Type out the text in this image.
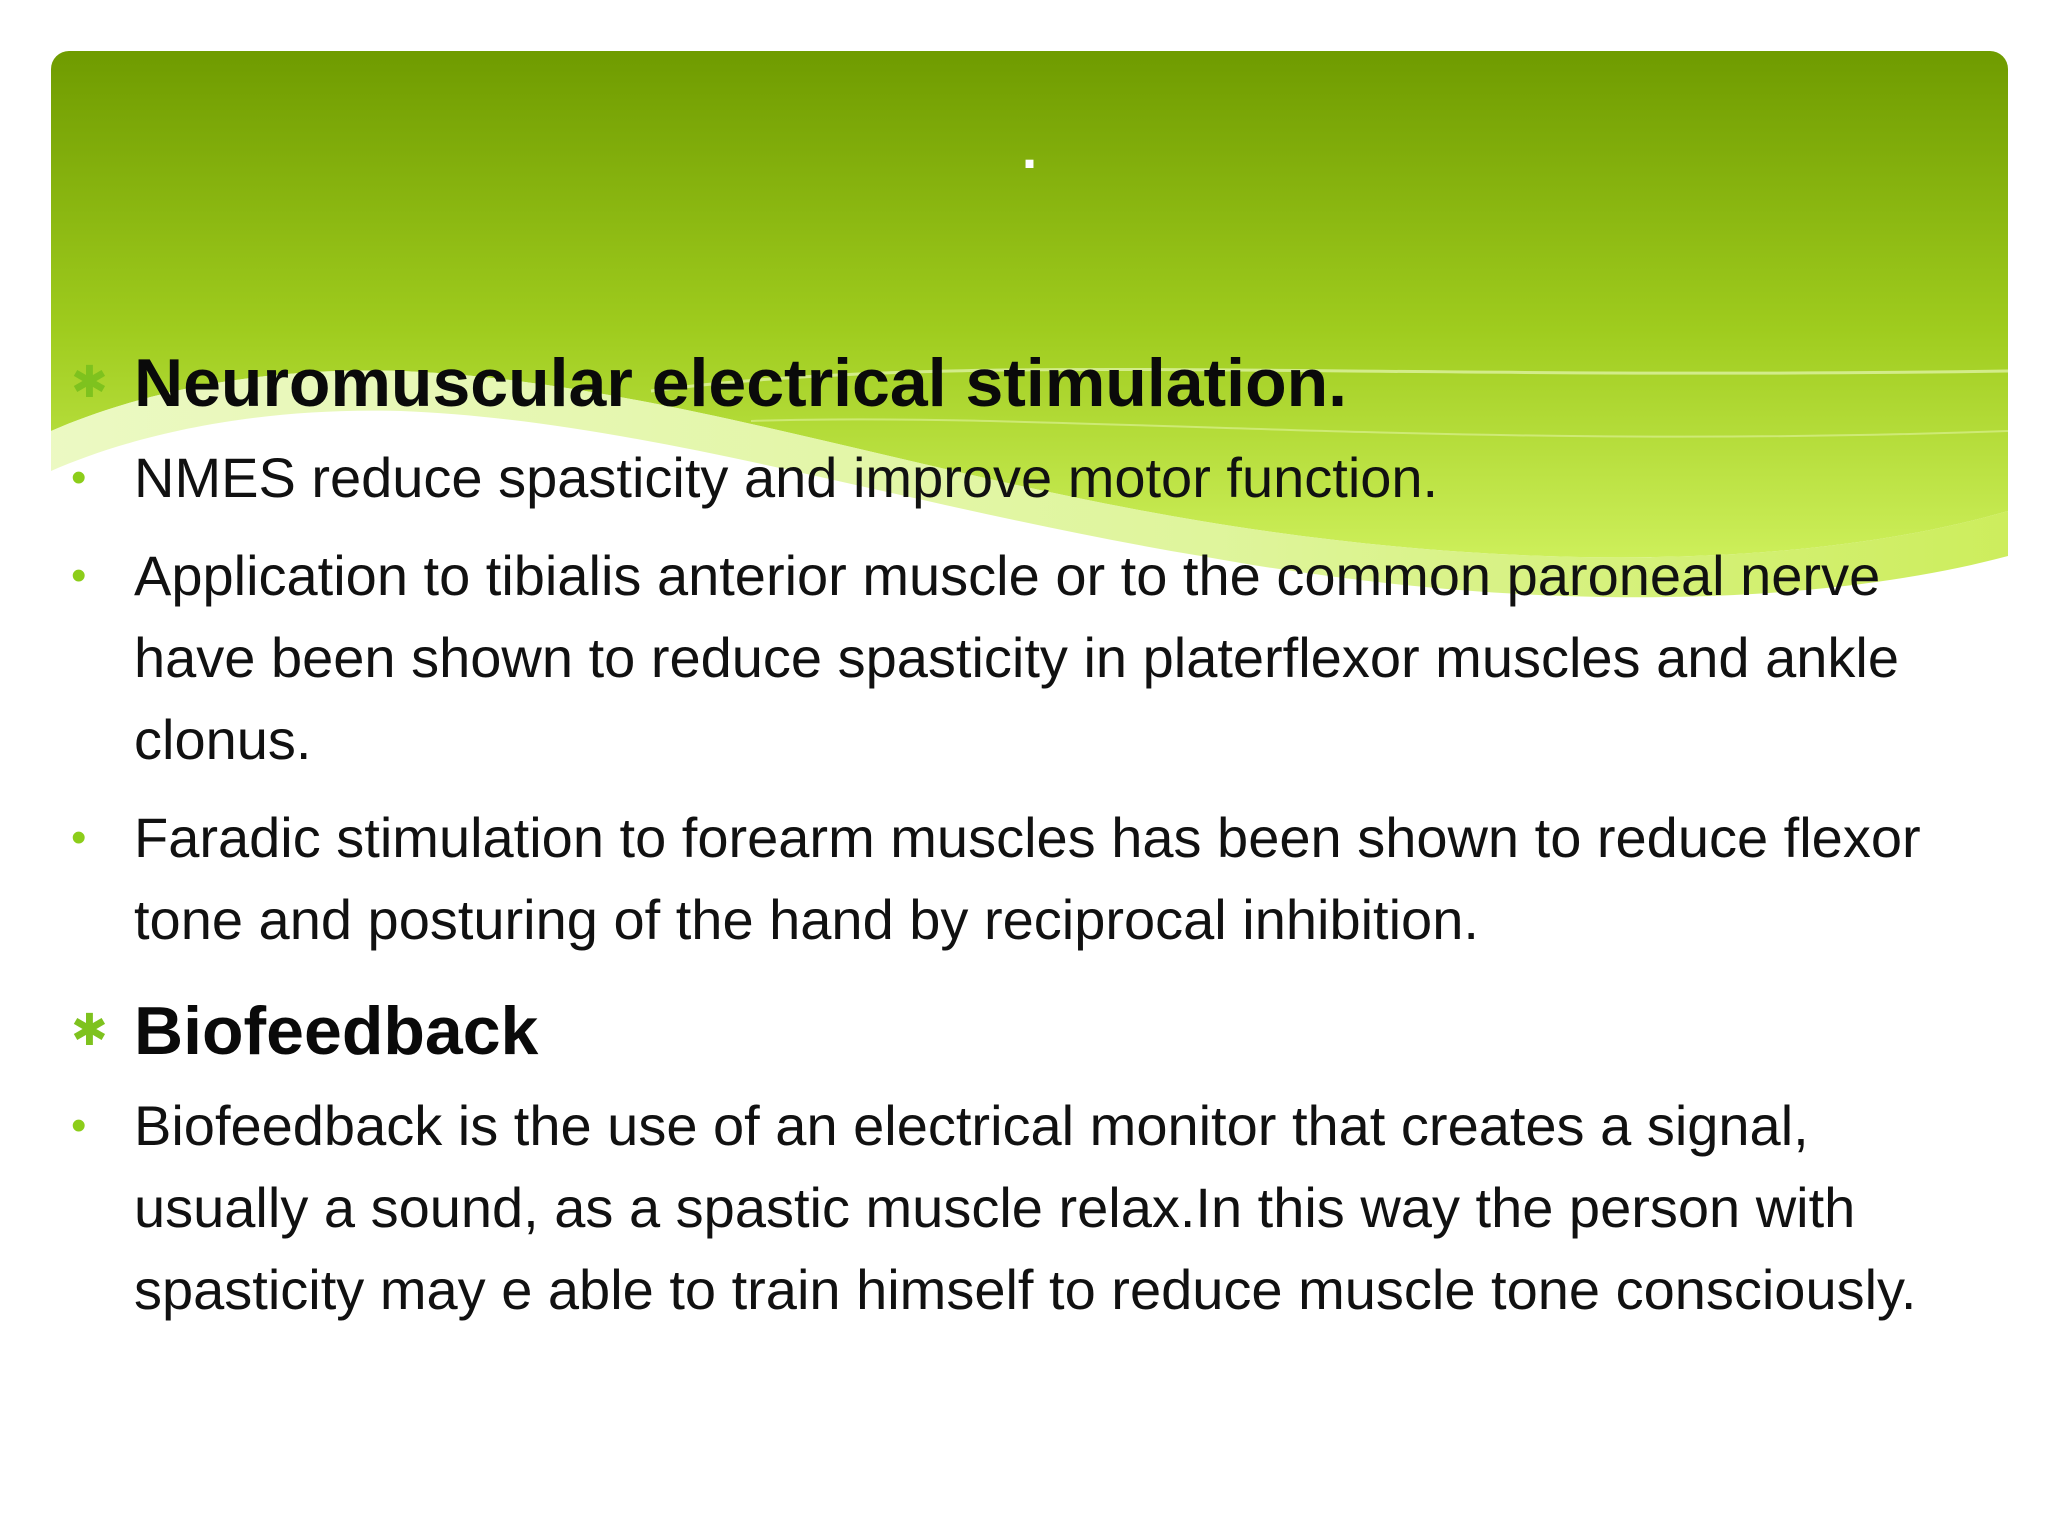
.
✱ Neuromuscular electrical stimulation.
• NMES reduce spasticity and improve motor function.
• Application to tibialis anterior muscle or to the common paroneal nerve have been shown to reduce spasticity in platerflexor muscles and ankle clonus.
• Faradic stimulation to forearm muscles has been shown to reduce flexor tone and posturing of the hand by reciprocal inhibition.
✱ Biofeedback
• Biofeedback is the use of an electrical monitor that creates a signal, usually a sound, as a spastic muscle relax.In this way the person with spasticity may e able to train himself to reduce muscle tone consciously.
